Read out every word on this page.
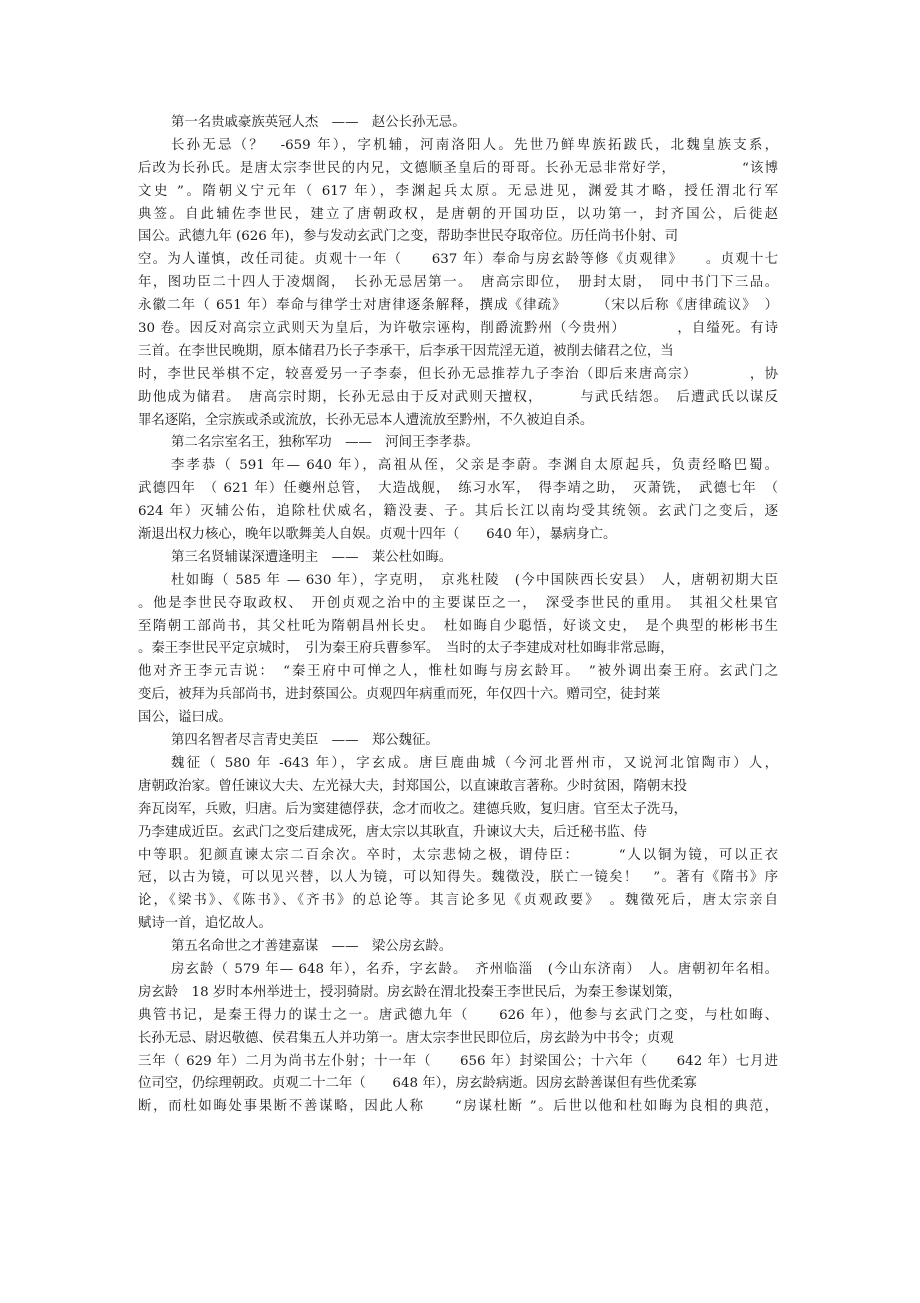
第一名贵戚豪族英冠人杰　——　赵公长孙无忌。
长孙无忌（？　-659 年），字机辅，河南洛阳人。先世乃鲜卑族拓跋氏，北魏皇族支系，
后改为长孙氏。是唐太宗李世民的内兄，文德顺圣皇后的哥哥。长孙无忌非常好学，　　　　　“该博
文史 ”。隋朝义宁元年（ 617 年），李渊起兵太原。无忌进见，渊爱其才略，授任渭北行军
典签。自此辅佐李世民，建立了唐朝政权，是唐朝的开国功臣，以功第一，封齐国公，后徙赵
国公。武德九年 (626 年)，参与发动玄武门之变，帮助李世民夺取帝位。历任尚书仆射、司
空。为人谨慎，改任司徒。贞观十一年（　　637 年）奉命与房玄龄等修《贞观律》　　。贞观十七
年，图功臣二十四人于凌烟阁，　长孙无忌居第一。　唐高宗即位，　册封太尉，　同中书门下三品。
永徽二年（ 651 年）奉命与律学士对唐律逐条解释，撰成《律疏》　　　（宋以后称《唐律疏议》　）
30 卷。因反对高宗立武则天为皇后，为许敬宗诬构，削爵流黔州（今贵州）　　　　，自缢死。有诗
三首。在李世民晚期，原本储君乃长子李承干，后李承干因荒淫无道，被削去储君之位，当
时，李世民举棋不定，较喜爱另一子李泰，但长孙无忌推荐九子李治（即后来唐高宗）　　　　，协
助他成为储君。　唐高宗时期，长孙无忌由于反对武则天擅权，　　　与武氏结怨。　后遭武氏以谋反
罪名逐陷，全宗族或杀或流放，长孙无忌本人遭流放至黔州，不久被迫自杀。
第二名宗室名王，独称军功　——　河间王李孝恭。
李孝恭（ 591 年— 640 年），高祖从侄，父亲是李蔚。李渊自太原起兵，负责经略巴蜀。
武德四年　（ 621 年）任夔州总管，　大造战舰，　练习水军，　得李靖之助，　灭萧铣，　武德七年　（
624 年）灭辅公佑，追除杜伏威名，籍没妻、子。其后长江以南均受其统领。玄武门之变后，逐
渐退出权力核心，晚年以歌舞美人自娱。贞观十四年（　　640 年），暴病身亡。
第三名贤辅谋深遭逢明主　——　莱公杜如晦。
杜如晦（ 585 年 — 630 年），字克明，　京兆杜陵　(今中国陕西长安县）　人，唐朝初期大臣
。他是李世民夺取政权、　开创贞观之治中的主要谋臣之一，　深受李世民的重用。　其祖父杜果官
至隋朝工部尚书，其父杜吒为隋朝昌州长史。　杜如晦自少聪悟，好谈文史，　是个典型的彬彬书生
。秦王李世民平定京城时，　引为秦王府兵曹参军。　当时的太子李建成对杜如晦非常忌晦，
他对齐王李元吉说：　“秦王府中可惮之人，惟杜如晦与房玄龄耳。　”被外调出秦王府。玄武门之
变后，被拜为兵部尚书，进封蔡国公。贞观四年病重而死，年仅四十六。赠司空，徒封莱
国公，谥曰成。
第四名智者尽言青史美臣　——　郑公魏征。
魏征（ 580 年 -643 年），字玄成。唐巨鹿曲城（今河北晋州市，又说河北馆陶市）人，
唐朝政治家。曾任谏议大夫、左光禄大夫，封郑国公，以直谏敢言著称。少时贫困，隋朝末投
奔瓦岗军，兵败，归唐。后为窦建德俘获，念才而收之。建德兵败，复归唐。官至太子洗马，
乃李建成近臣。玄武门之变后建成死，唐太宗以其耿直，升谏议大夫，后迁秘书监、侍
中等职。犯颜直谏太宗二百余次。卒时，太宗悲恸之极，谓侍臣：　　　“人以铜为镜，可以正衣
冠，以古为镜，可以见兴替，以人为镜，可以知得失。魏徵没，朕亡一镜矣！　”。著有《隋书》序
论，《梁书》、《陈书》、《齐书》的总论等。其言论多见《贞观政要》　。魏徵死后，唐太宗亲自
赋诗一首，追忆故人。
第五名命世之才善建嘉谋　——　梁公房玄龄。
房玄龄（ 579 年— 648 年），名乔，字玄龄。　齐州临淄　(今山东济南）　人。唐朝初年名相。
房玄龄　18 岁时本州举进士，授羽骑尉。房玄龄在渭北投秦王李世民后，为秦王参谋划策，
典管书记，是秦王得力的谋士之一。唐武德九年（　　626 年），他参与玄武门之变，与杜如晦、
长孙无忌、尉迟敬德、侯君集五人并功第一。唐太宗李世民即位后，房玄龄为中书令；贞观
三年（ 629 年）二月为尚书左仆射；十一年（　　656 年）封梁国公；十六年（　　642 年）七月进
位司空，仍综理朝政。贞观二十二年（　　648 年），房玄龄病逝。因房玄龄善谋但有些优柔寡
断，而杜如晦处事果断不善谋略，因此人称　　“房谋杜断 ”。后世以他和杜如晦为良相的典范，
